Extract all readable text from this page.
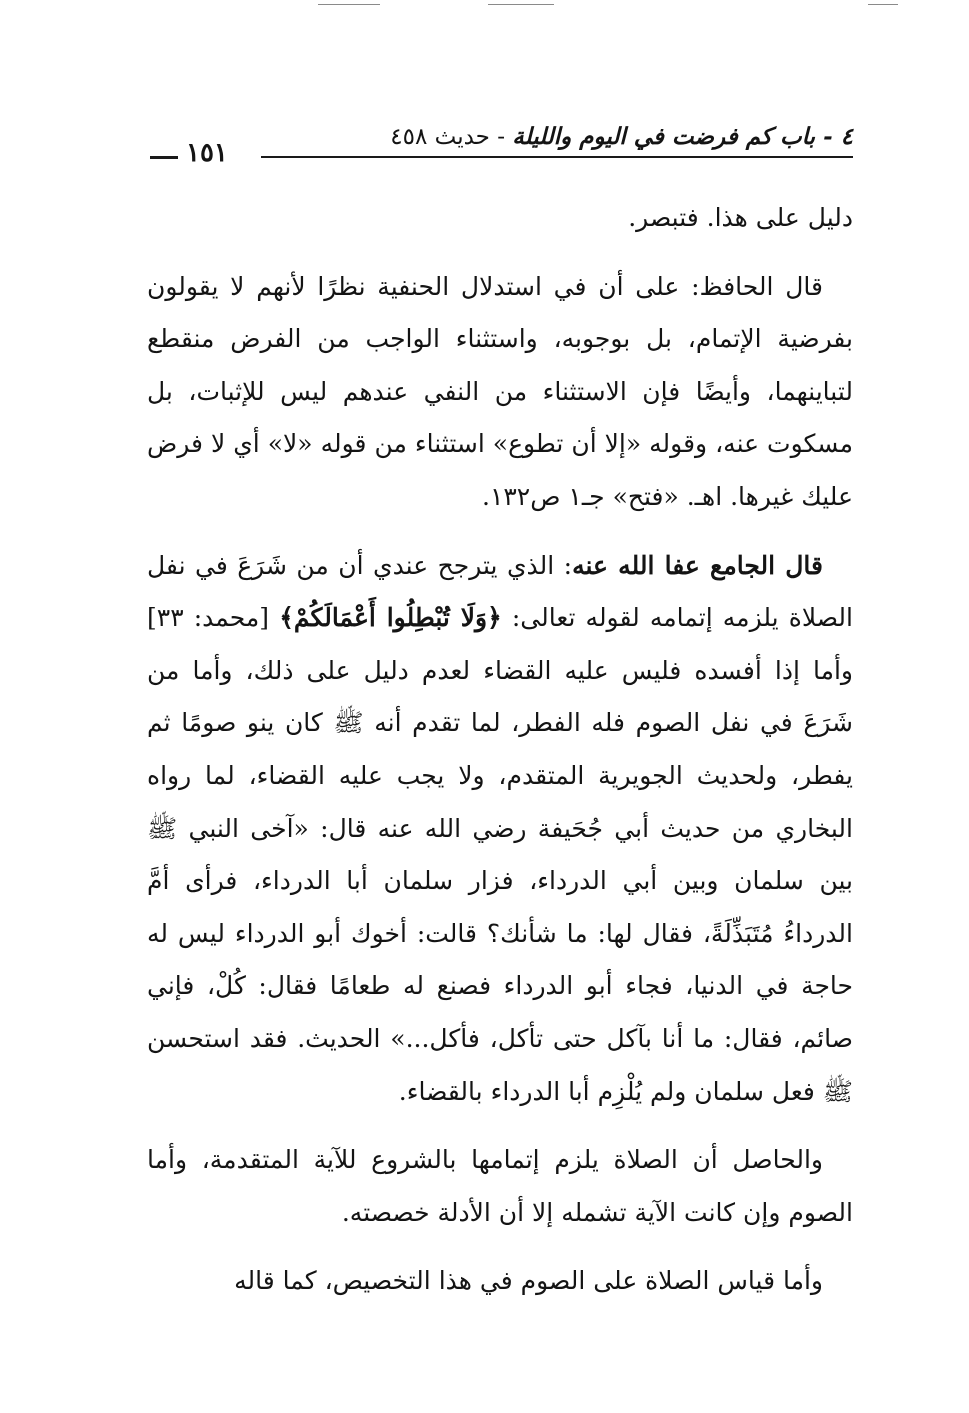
٤ - باب كم فرضت في اليوم والليلة - حديث ٤٥٨
١٥١

دليل على هذا. فتبصر.

قال الحافظ: على أن في استدلال الحنفية نظرًا لأنهم لا يقولون بفرضية الإتمام، بل بوجوبه، واستثناء الواجب من الفرض منقطع لتباينهما، وأيضًا فإن الاستثناء من النفي عندهم ليس للإثبات، بل مسكوت عنه، وقوله «إلا أن تطوع» استثناء من قوله «لا» أي لا فرض عليك غيرها. اهـ. «فتح» جـ١ ص١٣٢.

قال الجامع عفا الله عنه: الذي يترجح عندي أن من شَرَعَ في نفل الصلاة يلزمه إتمامه لقوله تعالى: ﴿وَلَا تُبْطِلُوا أَعْمَالَكُمْ﴾ [محمد: ٣٣] وأما إذا أفسده فليس عليه القضاء لعدم دليل على ذلك، وأما من شَرَعَ في نفل الصوم فله الفطر، لما تقدم أنه ﷺ كان ينو صومًا ثم يفطر، ولحديث الجويرية المتقدم، ولا يجب عليه القضاء، لما رواه البخاري من حديث أبي جُحَيفة رضي الله عنه قال: «آخى النبي ﷺ بين سلمان وبين أبي الدرداء، فزار سلمان أبا الدرداء، فرأى أمَّ الدرداءُ مُتَبَذِّلَةً، فقال لها: ما شأنك؟ قالت: أخوك أبو الدرداء ليس له حاجة في الدنيا، فجاء أبو الدرداء فصنع له طعامًا فقال: كُلْ، فإني صائم، فقال: ما أنا بآكل حتى تأكل، فأكل...» الحديث. فقد استحسن ﷺ فعل سلمان ولم يُلْزِم أبا الدرداء بالقضاء.

والحاصل أن الصلاة يلزم إتمامها بالشروع للآية المتقدمة، وأما الصوم وإن كانت الآية تشمله إلا أن الأدلة خصصته.

وأما قياس الصلاة على الصوم في هذا التخصيص، كما قاله
